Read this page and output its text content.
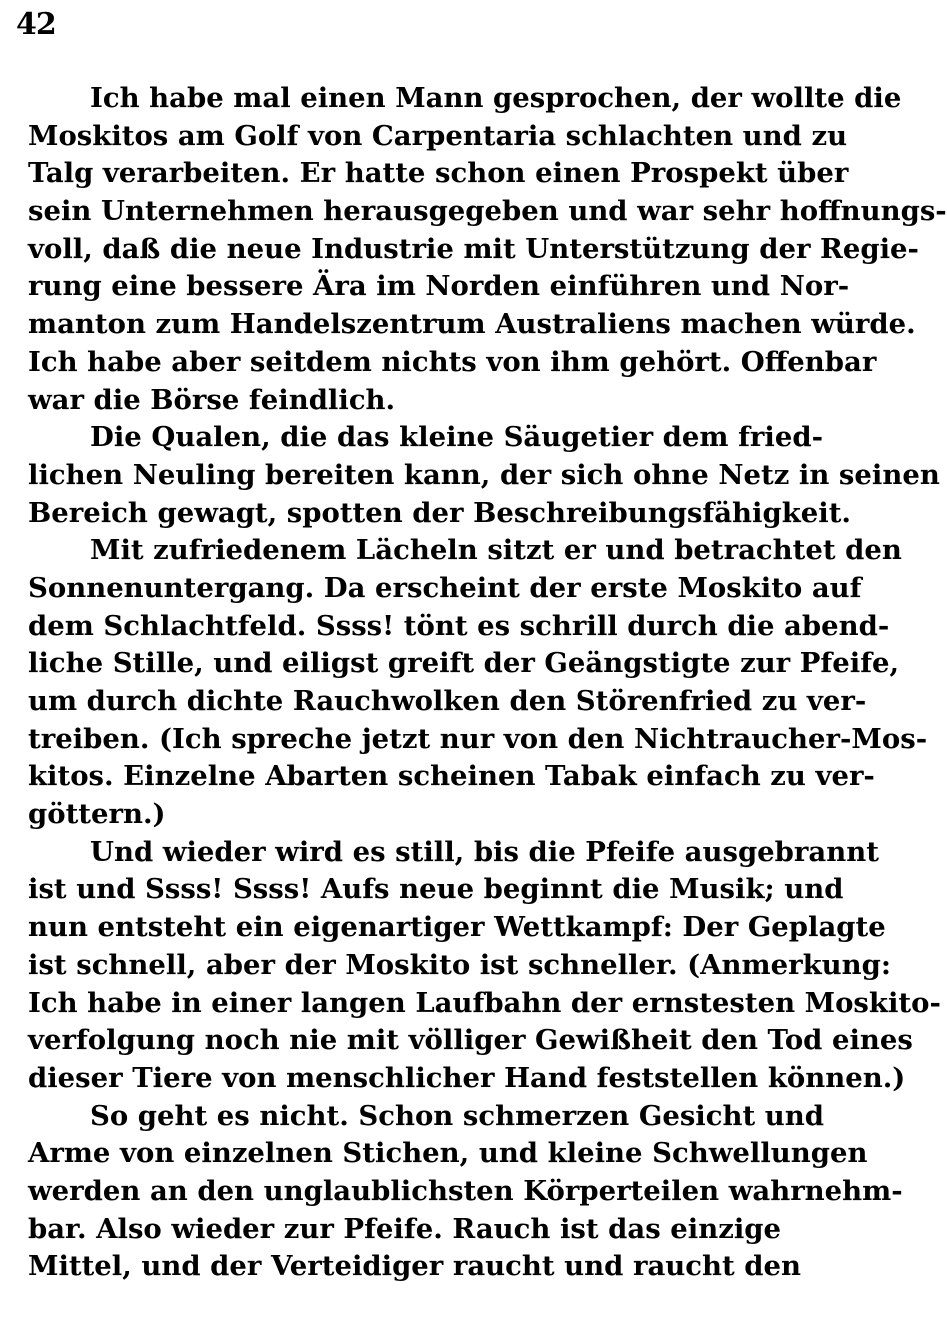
42
Ich habe mal einen Mann gesprochen, der wollte die
Moskitos am Golf von Carpentaria schlachten und zu
Talg verarbeiten. Er hatte schon einen Prospekt über
sein Unternehmen herausgegeben und war sehr hoffnungs-
voll, daß die neue Industrie mit Unterstützung der Regie-
rung eine bessere Ära im Norden einführen und Nor-
manton zum Handelszentrum Australiens machen würde.
Ich habe aber seitdem nichts von ihm gehört. Offenbar
war die Börse feindlich.
Die Qualen, die das kleine Säugetier dem fried-
lichen Neuling bereiten kann, der sich ohne Netz in seinen
Bereich gewagt, spotten der Beschreibungsfähigkeit.
Mit zufriedenem Lächeln sitzt er und betrachtet den
Sonnenuntergang. Da erscheint der erste Moskito auf
dem Schlachtfeld. Ssss! tönt es schrill durch die abend-
liche Stille, und eiligst greift der Geängstigte zur Pfeife,
um durch dichte Rauchwolken den Störenfried zu ver-
treiben. (Ich spreche jetzt nur von den Nichtraucher-Mos-
kitos. Einzelne Abarten scheinen Tabak einfach zu ver-
göttern.)
Und wieder wird es still, bis die Pfeife ausgebrannt
ist und Ssss! Ssss! Aufs neue beginnt die Musik; und
nun entsteht ein eigenartiger Wettkampf: Der Geplagte
ist schnell, aber der Moskito ist schneller. (Anmerkung:
Ich habe in einer langen Laufbahn der ernstesten Moskito-
verfolgung noch nie mit völliger Gewißheit den Tod eines
dieser Tiere von menschlicher Hand feststellen können.)
So geht es nicht. Schon schmerzen Gesicht und
Arme von einzelnen Stichen, und kleine Schwellungen
werden an den unglaublichsten Körperteilen wahrnehm-
bar. Also wieder zur Pfeife. Rauch ist das einzige
Mittel, und der Verteidiger raucht und raucht den
